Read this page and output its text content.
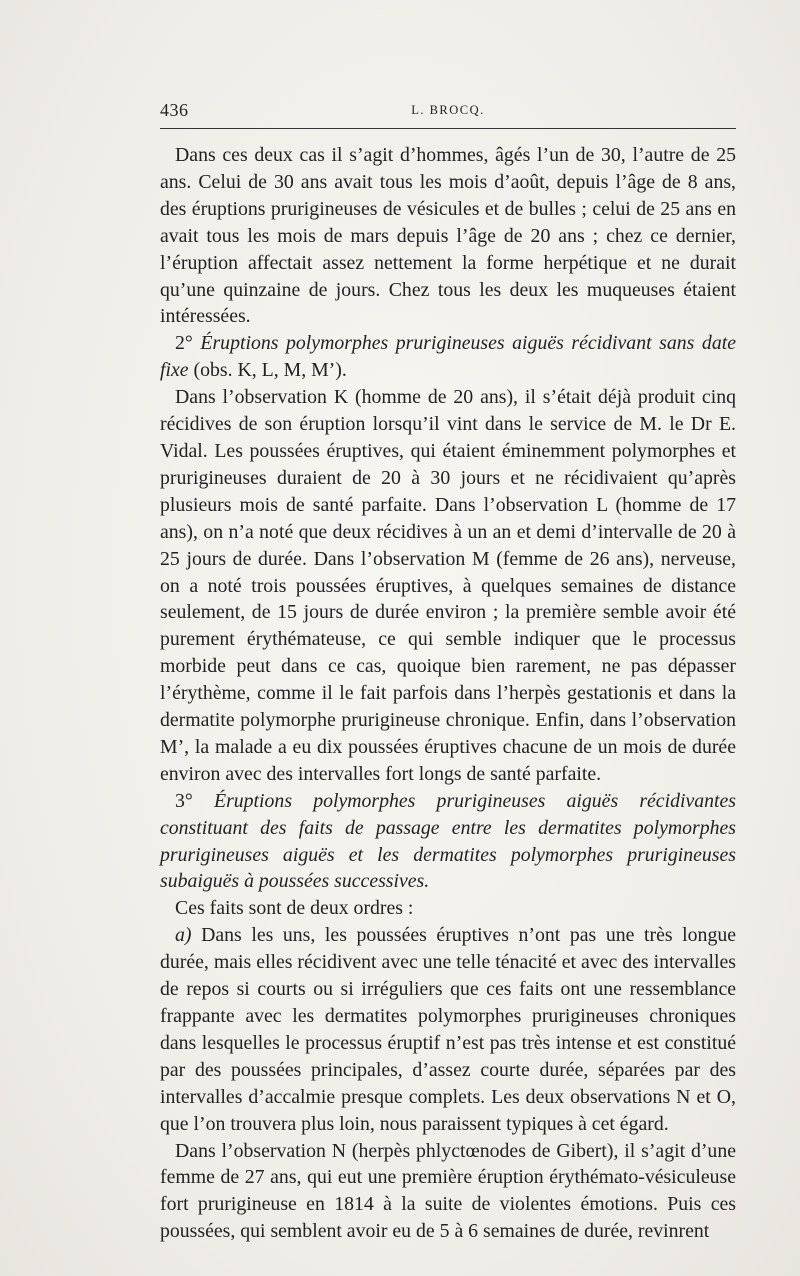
436	L. BROCQ.

Dans ces deux cas il s’agit d’hommes, âgés l’un de 30, l’autre de 25 ans. Celui de 30 ans avait tous les mois d’août, depuis l’âge de 8 ans, des éruptions prurigineuses de vésicules et de bulles ; celui de 25 ans en avait tous les mois de mars depuis l’âge de 20 ans ; chez ce dernier, l’éruption affectait assez nettement la forme herpétique et ne durait qu’une quinzaine de jours. Chez tous les deux les muqueuses étaient intéressées.

2° Éruptions polymorphes prurigineuses aiguës récidivant sans date fixe (obs. K, L, M, M’).

Dans l’observation K (homme de 20 ans), il s’était déjà produit cinq récidives de son éruption lorsqu’il vint dans le service de M. le Dr E. Vidal. Les poussées éruptives, qui étaient éminemment polymorphes et prurigineuses duraient de 20 à 30 jours et ne récidivaient qu’après plusieurs mois de santé parfaite. Dans l’observation L (homme de 17 ans), on n’a noté que deux récidives à un an et demi d’intervalle de 20 à 25 jours de durée. Dans l’observation M (femme de 26 ans), nerveuse, on a noté trois poussées éruptives, à quelques semaines de distance seulement, de 15 jours de durée environ ; la première semble avoir été purement érythémateuse, ce qui semble indiquer que le processus morbide peut dans ce cas, quoique bien rarement, ne pas dépasser l’érythème, comme il le fait parfois dans l’herpès gestationis et dans la dermatite polymorphe prurigineuse chronique. Enfin, dans l’observation M’, la malade a eu dix poussées éruptives chacune de un mois de durée environ avec des intervalles fort longs de santé parfaite.

3° Éruptions polymorphes prurigineuses aiguës récidivantes constituant des faits de passage entre les dermatites polymorphes prurigineuses aiguës et les dermatites polymorphes prurigineuses subaiguës à poussées successives.

Ces faits sont de deux ordres :

a) Dans les uns, les poussées éruptives n’ont pas une très longue durée, mais elles récidivent avec une telle ténacité et avec des intervalles de repos si courts ou si irréguliers que ces faits ont une ressemblance frappante avec les dermatites polymorphes prurigineuses chroniques dans lesquelles le processus éruptif n’est pas très intense et est constitué par des poussées principales, d’assez courte durée, séparées par des intervalles d’accalmie presque complets. Les deux observations N et O, que l’on trouvera plus loin, nous paraissent typiques à cet égard.

Dans l’observation N (herpès phlyctœnodes de Gibert), il s’agit d’une femme de 27 ans, qui eut une première éruption érythémato-vésiculeuse fort prurigineuse en 1814 à la suite de violentes émotions. Puis ces poussées, qui semblent avoir eu de 5 à 6 semaines de durée, revinrent
